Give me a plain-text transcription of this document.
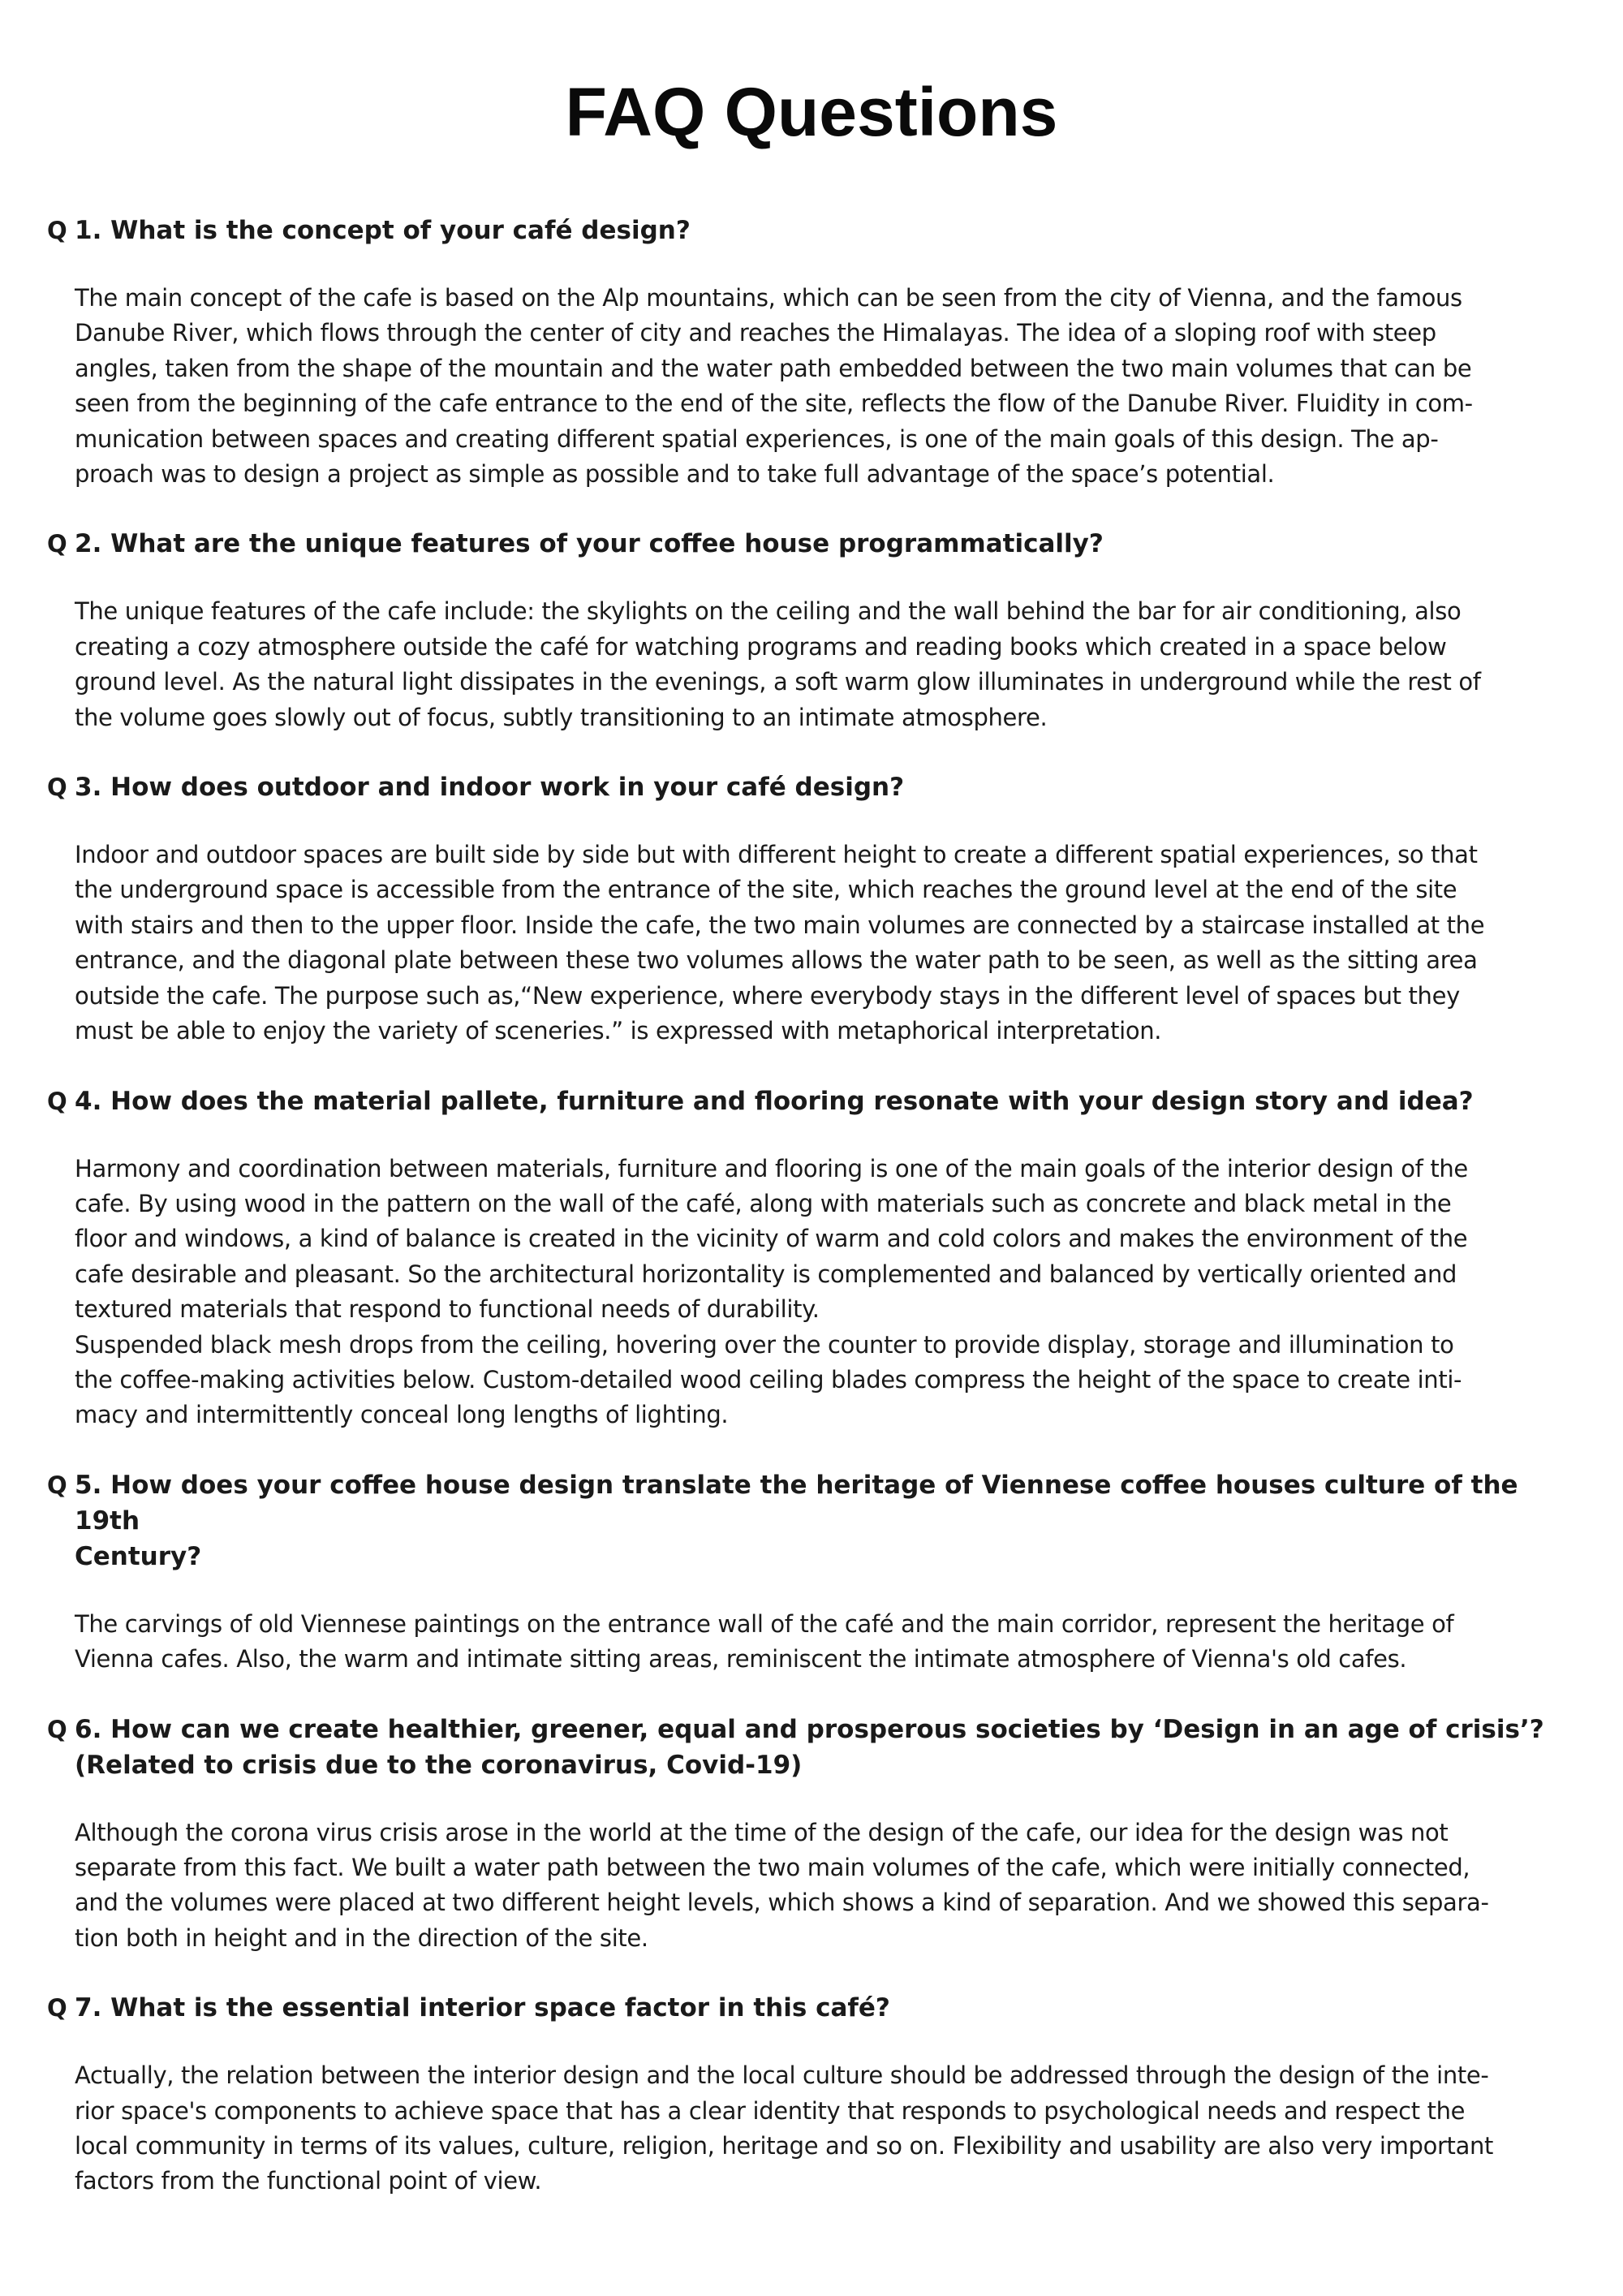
FAQ Questions

Q 1. What is the concept of your café design?

The main concept of the cafe is based on the Alp mountains, which can be seen from the city of Vienna, and the famous
Danube River, which flows through the center of city and reaches the Himalayas. The idea of a sloping roof with steep
angles, taken from the shape of the mountain and the water path embedded between the two main volumes that can be
seen from the beginning of the cafe entrance to the end of the site, reflects the flow of the Danube River. Fluidity in com-
munication between spaces and creating different spatial experiences, is one of the main goals of this design. The ap-
proach was to design a project as simple as possible and to take full advantage of the space’s potential.

Q 2. What are the unique features of your coffee house programmatically?

The unique features of the cafe include: the skylights on the ceiling and the wall behind the bar for air conditioning, also
creating a cozy atmosphere outside the café for watching programs and reading books which created in a space below
ground level. As the natural light dissipates in the evenings, a soft warm glow illuminates in underground while the rest of
the volume goes slowly out of focus, subtly transitioning to an intimate atmosphere.

Q 3. How does outdoor and indoor work in your café design?

Indoor and outdoor spaces are built side by side but with different height to create a different spatial experiences, so that
the underground space is accessible from the entrance of the site, which reaches the ground level at the end of the site
with stairs and then to the upper floor. Inside the cafe, the two main volumes are connected by a staircase installed at the
entrance, and the diagonal plate between these two volumes allows the water path to be seen, as well as the sitting area
outside the cafe. The purpose such as,“New experience, where everybody stays in the different level of spaces but they
must be able to enjoy the variety of sceneries.” is expressed with metaphorical interpretation.

Q 4. How does the material pallete, furniture and flooring resonate with your design story and idea?

Harmony and coordination between materials, furniture and flooring is one of the main goals of the interior design of the
cafe. By using wood in the pattern on the wall of the café, along with materials such as concrete and black metal in the
floor and windows, a kind of balance is created in the vicinity of warm and cold colors and makes the environment of the
cafe desirable and pleasant. So the architectural horizontality is complemented and balanced by vertically oriented and
textured materials that respond to functional needs of durability.
Suspended black mesh drops from the ceiling, hovering over the counter to provide display, storage and illumination to
the coffee-making activities below. Custom-detailed wood ceiling blades compress the height of the space to create inti-
macy and intermittently conceal long lengths of lighting.

Q 5. How does your coffee house design translate the heritage of Viennese coffee houses culture of the 19th
Century?

The carvings of old Viennese paintings on the entrance wall of the café and the main corridor, represent the heritage of
Vienna cafes. Also, the warm and intimate sitting areas, reminiscent the intimate atmosphere of Vienna's old cafes.

Q 6. How can we create healthier, greener, equal and prosperous societies by ‘Design in an age of crisis’?
(Related to crisis due to the coronavirus, Covid-19)

Although the corona virus crisis arose in the world at the time of the design of the cafe, our idea for the design was not
separate from this fact. We built a water path between the two main volumes of the cafe, which were initially connected,
and the volumes were placed at two different height levels, which shows a kind of separation. And we showed this separa-
tion both in height and in the direction of the site.

Q 7. What is the essential interior space factor in this café?

Actually, the relation between the interior design and the local culture should be addressed through the design of the inte-
rior space's components to achieve space that has a clear identity that responds to psychological needs and respect the
local community in terms of its values, culture, religion, heritage and so on. Flexibility and usability are also very important
factors from the functional point of view.
